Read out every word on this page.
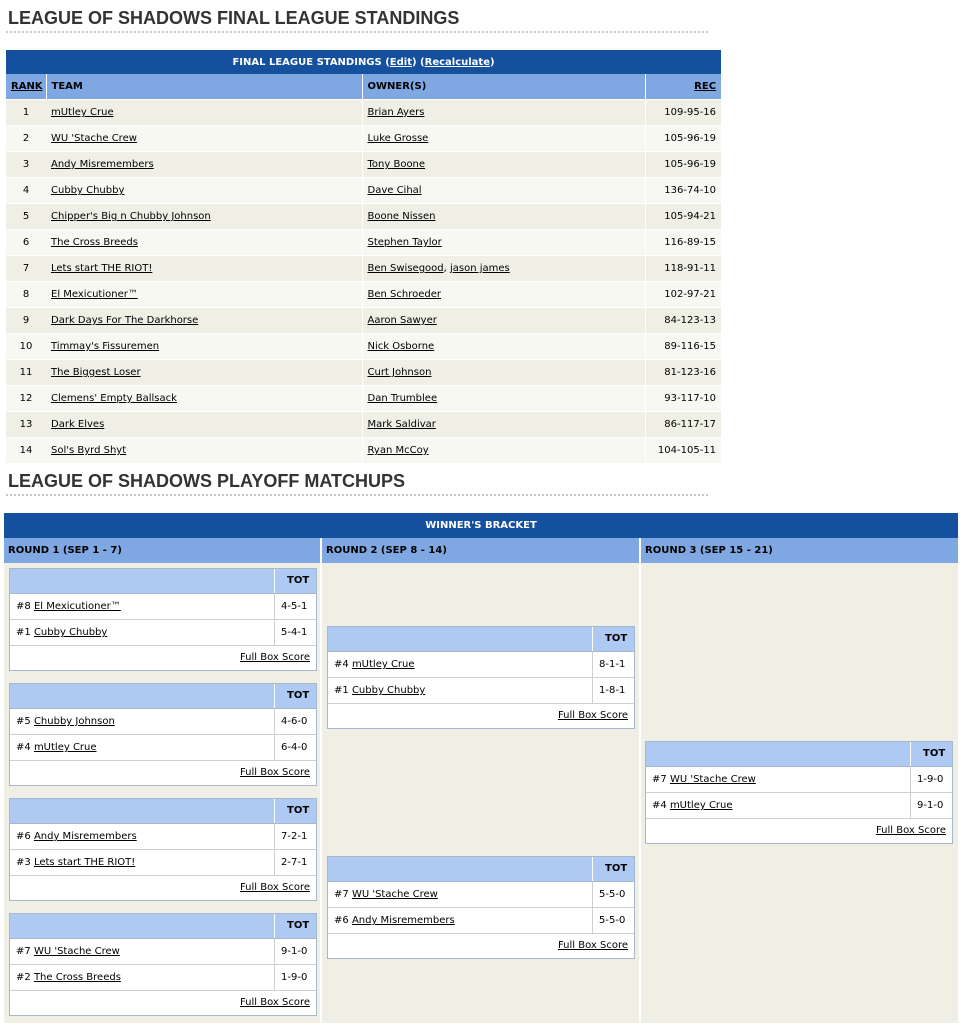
LEAGUE OF SHADOWS FINAL LEAGUE STANDINGS
FINAL LEAGUE STANDINGS (Edit) (Recalculate)			
RANK	TEAM	OWNER(S)	REC
1	mUtley Crue	Brian Ayers	109-95-16
2	WU 'Stache Crew	Luke Grosse	105-96-19
3	Andy Misremembers	Tony Boone	105-96-19
4	Cubby Chubby	Dave Cihal	136-74-10
5	Chipper's Big n Chubby Johnson	Boone Nissen	105-94-21
6	The Cross Breeds	Stephen Taylor	116-89-15
7	Lets start THE RIOT!	Ben Swisegood, jason james	118-91-11
8	El Mexicutioner™	Ben Schroeder	102-97-21
9	Dark Days For The Darkhorse	Aaron Sawyer	84-123-13
10	Timmay's Fissuremen	Nick Osborne	89-116-15
11	The Biggest Loser	Curt Johnson	81-123-16
12	Clemens' Empty Ballsack	Dan Trumblee	93-117-10
13	Dark Elves	Mark Saldivar	86-117-17
14	Sol's Byrd Shyt	Ryan McCoy	104-105-11
LEAGUE OF SHADOWS PLAYOFF MATCHUPS
WINNER'S BRACKET
ROUND 1 (SEP 1 - 7)	ROUND 2 (SEP 8 - 14)	ROUND 3 (SEP 15 - 21)
TOT
#8 El Mexicutioner™	4-5-1
#1 Cubby Chubby	5-4-1
Full Box Score
TOT
#5 Chubby Johnson	4-6-0
#4 mUtley Crue	6-4-0
Full Box Score
TOT
#6 Andy Misremembers	7-2-1
#3 Lets start THE RIOT!	2-7-1
Full Box Score
TOT
#7 WU 'Stache Crew	9-1-0
#2 The Cross Breeds	1-9-0
Full Box Score
TOT
#4 mUtley Crue	8-1-1
#1 Cubby Chubby	1-8-1
Full Box Score
TOT
#7 WU 'Stache Crew	5-5-0
#6 Andy Misremembers	5-5-0
Full Box Score
TOT
#7 WU 'Stache Crew	1-9-0
#4 mUtley Crue	9-1-0
Full Box Score
